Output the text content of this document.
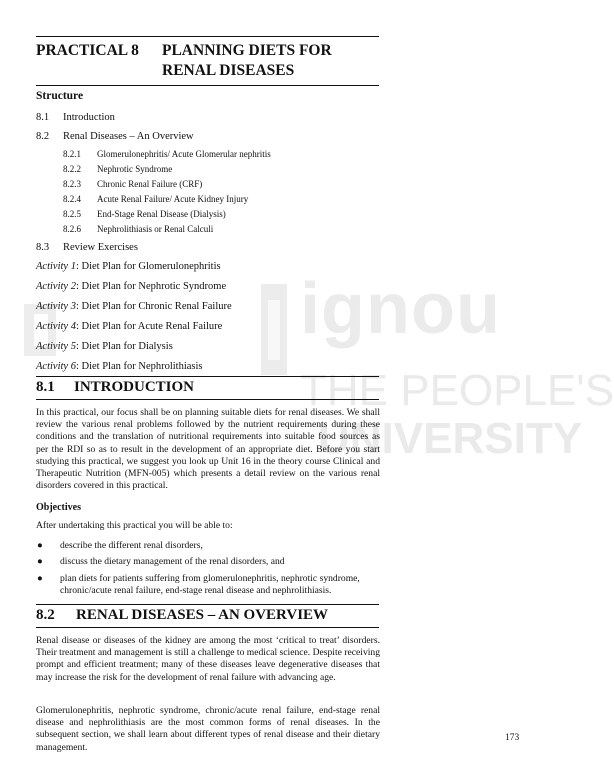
ignou
THE PEOPLE'S
UNIVERSITY
PRACTICAL 8 PLANNING DIETS FOR
RENAL DISEASES
Structure
8.1 Introduction
8.2 Renal Diseases – An Overview
8.2.1 Glomerulonephritis/ Acute Glomerular nephritis
8.2.2 Nephrotic Syndrome
8.2.3 Chronic Renal Failure (CRF)
8.2.4 Acute Renal Failure/ Acute Kidney Injury
8.2.5 End-Stage Renal Disease (Dialysis)
8.2.6 Nephrolithiasis or Renal Calculi
8.3 Review Exercises
Activity 1: Diet Plan for Glomerulonephritis
Activity 2: Diet Plan for Nephrotic Syndrome
Activity 3: Diet Plan for Chronic Renal Failure
Activity 4: Diet Plan for Acute Renal Failure
Activity 5: Diet Plan for Dialysis
Activity 6: Diet Plan for Nephrolithiasis
8.1 INTRODUCTION
In this practical, our focus shall be on planning suitable diets for renal diseases. We shall review the various renal problems followed by the nutrient requirements during these conditions and the translation of nutritional requirements into suitable food sources as per the RDI so as to result in the development of an appropriate diet. Before you start studying this practical, we suggest you look up Unit 16 in the theory course Clinical and Therapeutic Nutrition (MFN-005) which presents a detail review on the various renal disorders covered in this practical.
Objectives
After undertaking this practical you will be able to:
● describe the different renal disorders,
● discuss the dietary management of the renal disorders, and
● plan diets for patients suffering from glomerulonephritis, nephrotic syndrome, chronic/acute renal failure, end-stage renal disease and nephrolithiasis.
8.2 RENAL DISEASES – AN OVERVIEW
Renal disease or diseases of the kidney are among the most ‘critical to treat’ disorders. Their treatment and management is still a challenge to medical science. Despite receiving prompt and efficient treatment; many of these diseases leave degenerative diseases that may increase the risk for the development of renal failure with advancing age.
Glomerulonephritis, nephrotic syndrome, chronic/acute renal failure, end-stage renal disease and nephrolithiasis are the most common forms of renal diseases. In the subsequent section, we shall learn about different types of renal disease and their dietary management.
173
